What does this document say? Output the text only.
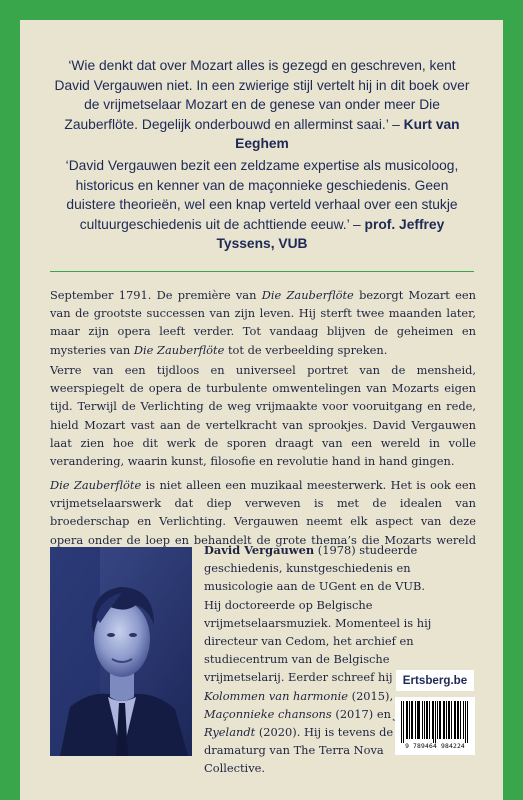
‘Wie denkt dat over Mozart alles is gezegd en geschreven, kent David Vergauwen niet. In een zwierige stijl vertelt hij in dit boek over de vrijmetselaar Mozart en de genese van onder meer Die Zauberflöte. Degelijk onderbouwd en allerminst saai.’ – Kurt van Eeghem

‘David Vergauwen bezit een zeldzame expertise als musicoloog, historicus en kenner van de maçonnieke geschiedenis. Geen duistere theorieën, wel een knap verteld verhaal over een stukje cultuurgeschiedenis uit de achttiende eeuw.’ – prof. Jeffrey Tyssens, VUB

September 1791. De première van Die Zauberflöte bezorgt Mozart een van de grootste successen van zijn leven. Hij sterft twee maanden later, maar zijn opera leeft verder. Tot vandaag blijven de geheimen en mysteries van Die Zauberflöte tot de verbeelding spreken.

Verre van een tijdloos en universeel portret van de mensheid, weerspiegelt de opera de turbulente omwentelingen van Mozarts eigen tijd. Terwijl de Verlichting de weg vrijmaakte voor vooruitgang en rede, hield Mozart vast aan de vertelkracht van sprookjes. David Vergauwen laat zien hoe dit werk de sporen draagt van een wereld in volle verandering, waarin kunst, filosofie en revolutie hand in hand gingen.

Die Zauberflöte is niet alleen een muzikaal meesterwerk. Het is ook een vrijmetselaarswerk dat diep verweven is met de idealen van broederschap en Verlichting. Vergauwen neemt elk aspect van deze opera onder de loep en behandelt de grote thema’s die Mozarts wereld

David Vergauwen (1978) studeerde geschiedenis, kunstgeschiedenis en musicologie aan de UGent en de VUB. Hij doctoreerde op Belgische vrijmetselaarsmuziek. Momenteel is hij directeur van Cedom, het archief en studiecentrum van de Belgische vrijmetselarij. Eerder schreef hij Kolommen van harmonie (2015), Maçonnieke chansons (2017) en Ryelandt (2020). Hij is tevens de dramaturg van The Terra Nova Collective.

Ertsberg.be
9 789464 984224
